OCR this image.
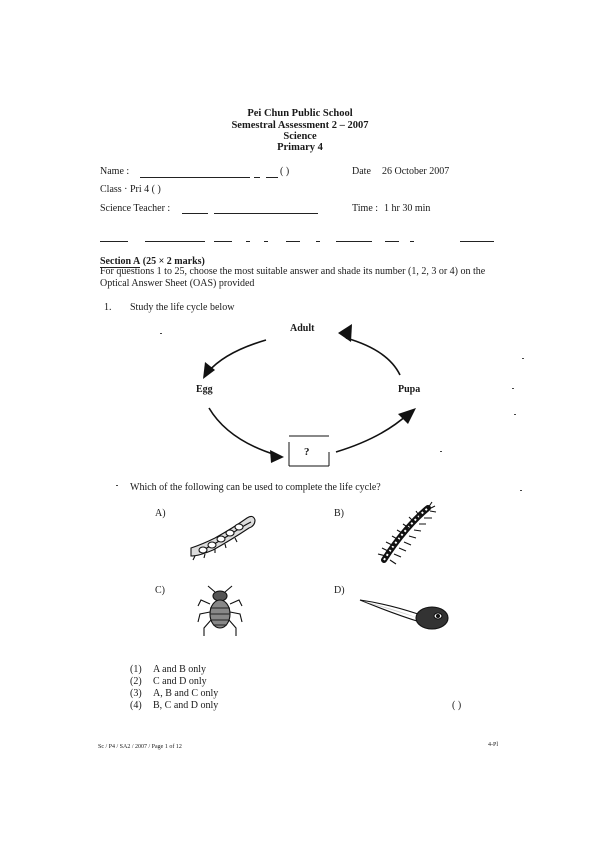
Pei Chun Public School
Semestral Assessment 2 – 2007
Science
Primary 4
Name :	( )	Date 26 October 2007
Class · Pri 4 ( )
Science Teacher :	Time : 1 hr 30 min
Section A (25 × 2 marks)
For questions 1 to 25, choose the most suitable answer and shade its number (1, 2, 3 or 4) on the
Optical Answer Sheet (OAS) provided
1. Study the life cycle below
Adult
Egg	Pupa
?
Which of the following can be used to complete the life cycle?
A)	B)
C)	D)
(1) A and B only
(2) C and D only
(3) A, B and C only
(4) B, C and D only	( )
Sc / P4 / SA2 / 2007 / Page 1 of 12	4-Pl
